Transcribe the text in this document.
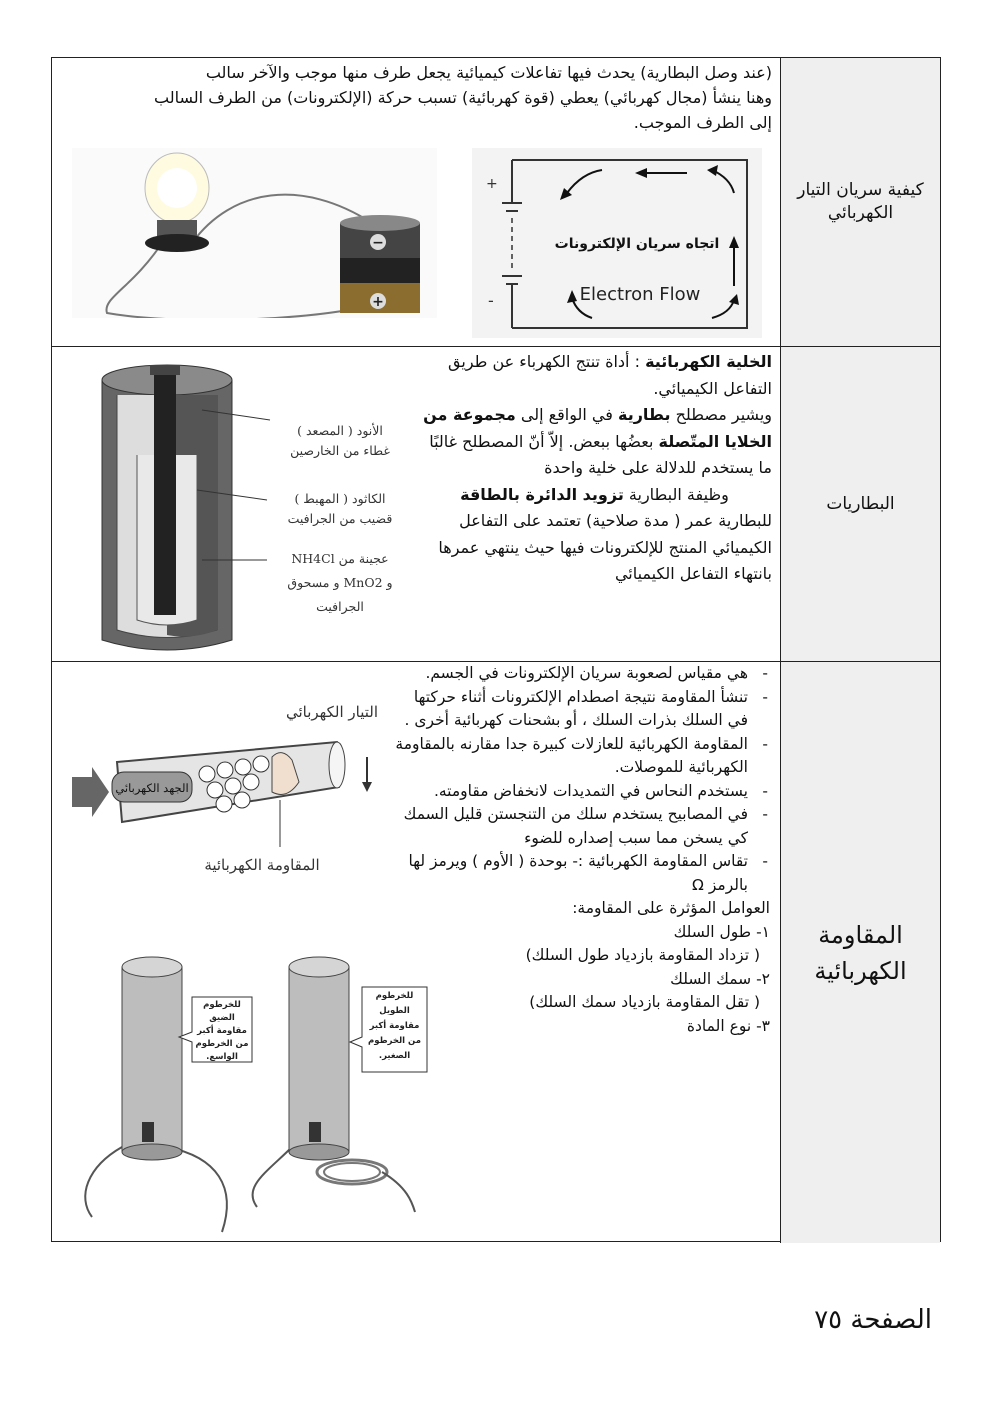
كيفية سريان التيار الكهربائي
(عند وصل البطارية) يحدث فيها تفاعلات كيميائية يجعل طرف منها موجب والآخر سالب
وهنا ينشأ (مجال كهربائي) يعطي (قوة كهربائية) تسبب حركة (الإلكترونات) من الطرف السالب
إلى الطرف الموجب.
−
+
+
-
اتجاه سريان الإلكترونات
Electron Flow
البطاريات
الخلية الكهربائية : أداة تنتج الكهرباء عن طريق التفاعل الكيميائي.
ويشير مصطلح بطارية في الواقع إلى مجموعة من الخلايا المتّصلة بعضُها ببعض. إلاّ أنّ المصطلح غالبًا ما يستخدم للدلالة على خلية واحدة
وظيفة البطارية تزويد الدائرة بالطاقة
للبطارية عمر ( مدة صلاحية) تعتمد على التفاعل الكيميائي المنتج للإلكترونات فيها حيث ينتهي عمرها بانتهاء التفاعل الكيميائي
الأنود ( المصعد )
غطاء من الخارصين
الكاثود ( المهبط )
قضيب من الجرافيت
عجينة من NH4Cl
و MnO2 و مسحوق
الجرافيت
المقاومة الكهربائية
- هي مقياس لصعوبة سريان الإلكترونات في الجسم.
- تنشأ المقاومة نتيجة اصطدام الإلكترونات أثناء حركتها في السلك بذرات السلك ، أو بشحنات كهربائية أخرى .
- المقاومة الكهربائية للعازلات كبيرة جدا مقارنه بالمقاومة الكهربائية للموصلات.
- يستخدم النحاس في التمديدات لانخفاض مقاومته.
- في المصابيح يستخدم سلك من التنجستن قليل السمك كي يسخن مما سبب إصداره للضوء
- تقاس المقاومة الكهربائية :- بوحدة ( الأوم ) ويرمز لها بالرمز Ω
العوامل المؤثرة على المقاومة:
١- طول السلك
( تزداد المقاومة بازدياد طول السلك)
٢- سمك السلك
( تقل المقاومة بازدياد سمك السلك)
٣- نوع المادة
الجهد الكهربائي
التيار الكهربائي
المقاومة الكهربائية
للخرطوم الضيق مقاومة أكبر من الخرطوم الواسع.
للخرطوم الطويل مقاومة أكبر من الخرطوم الصغير.
الصفحة ٧٥
